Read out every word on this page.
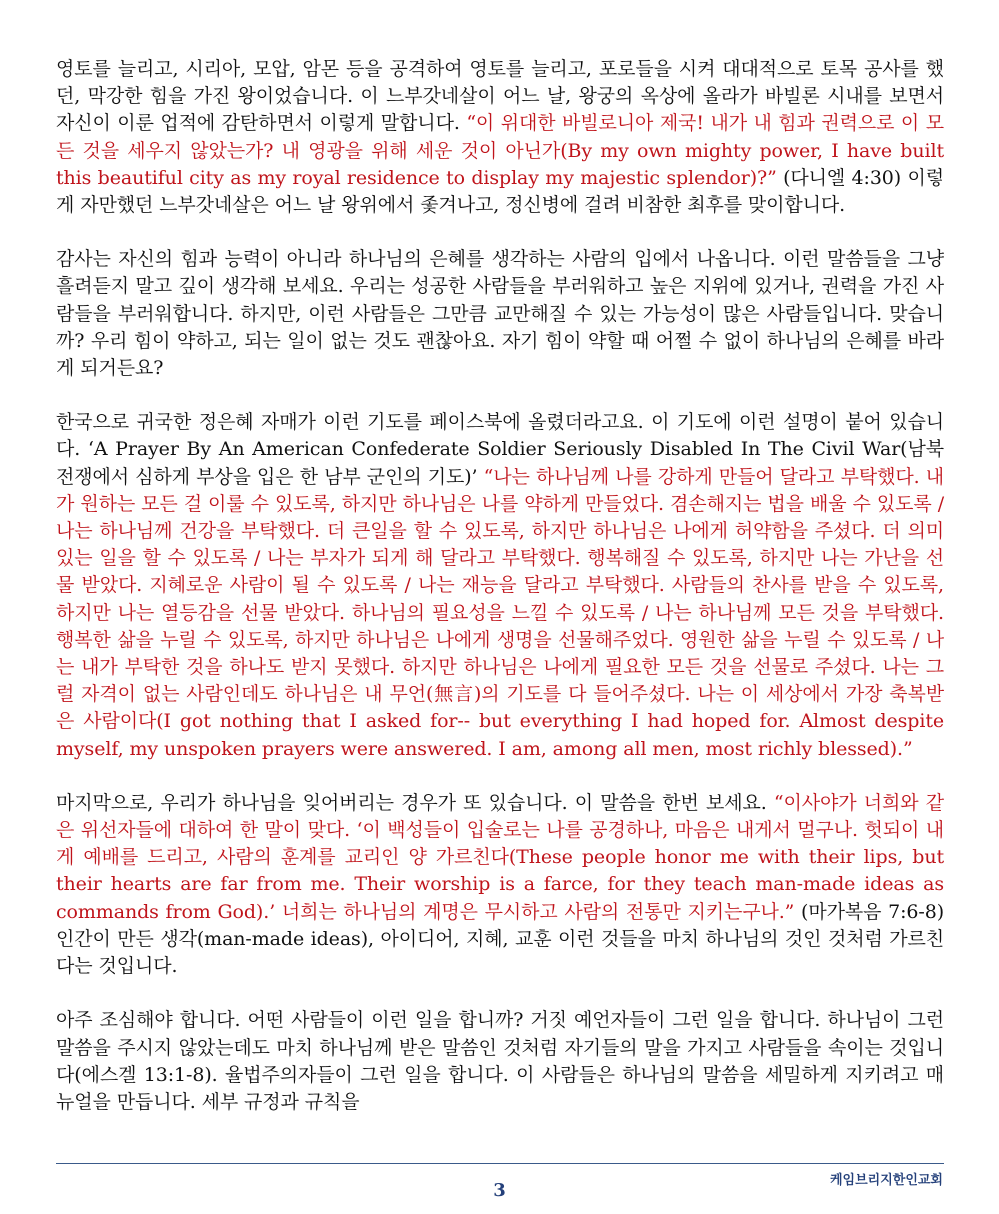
영토를 늘리고, 시리아, 모압, 암몬 등을 공격하여 영토를 늘리고, 포로들을 시켜 대대적으로 토목 공사를 했던, 막강한 힘을 가진 왕이었습니다. 이 느부갓네살이 어느 날, 왕궁의 옥상에 올라가 바빌론 시내를 보면서 자신이 이룬 업적에 감탄하면서 이렇게 말합니다. “이 위대한 바빌로니아 제국! 내가 내 힘과 권력으로 이 모든 것을 세우지 않았는가? 내 영광을 위해 세운 것이 아닌가(By my own mighty power, I have built this beautiful city as my royal residence to display my majestic splendor)?” (다니엘 4:30) 이렇게 자만했던 느부갓네살은 어느 날 왕위에서 좇겨나고, 정신병에 걸려 비참한 최후를 맞이합니다.

감사는 자신의 힘과 능력이 아니라 하나님의 은혜를 생각하는 사람의 입에서 나옵니다. 이런 말씀들을 그냥 흘려듣지 말고 깊이 생각해 보세요. 우리는 성공한 사람들을 부러워하고 높은 지위에 있거나, 권력을 가진 사람들을 부러워합니다. 하지만, 이런 사람들은 그만큼 교만해질 수 있는 가능성이 많은 사람들입니다. 맞습니까? 우리 힘이 약하고, 되는 일이 없는 것도 괜찮아요. 자기 힘이 약할 때 어쩔 수 없이 하나님의 은혜를 바라게 되거든요?

한국으로 귀국한 정은혜 자매가 이런 기도를 페이스북에 올렸더라고요. 이 기도에 이런 설명이 붙어 있습니다. ‘A Prayer By An American Confederate Soldier Seriously Disabled In The Civil War(남북 전쟁에서 심하게 부상을 입은 한 남부 군인의 기도)’ “나는 하나님께 나를 강하게 만들어 달라고 부탁했다. 내가 원하는 모든 걸 이룰 수 있도록, 하지만 하나님은 나를 약하게 만들었다. 겸손해지는 법을 배울 수 있도록 / 나는 하나님께 건강을 부탁했다. 더 큰일을 할 수 있도록, 하지만 하나님은 나에게 허약함을 주셨다. 더 의미있는 일을 할 수 있도록 / 나는 부자가 되게 해 달라고 부탁했다. 행복해질 수 있도록, 하지만 나는 가난을 선물 받았다. 지혜로운 사람이 될 수 있도록 / 나는 재능을 달라고 부탁했다. 사람들의 찬사를 받을 수 있도록, 하지만 나는 열등감을 선물 받았다. 하나님의 필요성을 느낄 수 있도록 / 나는 하나님께 모든 것을 부탁했다. 행복한 삶을 누릴 수 있도록, 하지만 하나님은 나에게 생명을 선물해주었다. 영원한 삶을 누릴 수 있도록 / 나는 내가 부탁한 것을 하나도 받지 못했다. 하지만 하나님은 나에게 필요한 모든 것을 선물로 주셨다. 나는 그럴 자격이 없는 사람인데도 하나님은 내 무언(無言)의 기도를 다 들어주셨다. 나는 이 세상에서 가장 축복받은 사람이다(I got nothing that I asked for-- but everything I had hoped for. Almost despite myself, my unspoken prayers were answered. I am, among all men, most richly blessed).”

마지막으로, 우리가 하나님을 잊어버리는 경우가 또 있습니다. 이 말씀을 한번 보세요. “이사야가 너희와 같은 위선자들에 대하여 한 말이 맞다. ‘이 백성들이 입술로는 나를 공경하나, 마음은 내게서 멀구나. 헛되이 내게 예배를 드리고, 사람의 훈계를 교리인 양 가르친다(These people honor me with their lips, but their hearts are far from me. Their worship is a farce, for they teach man-made ideas as commands from God).’ 너희는 하나님의 계명은 무시하고 사람의 전통만 지키는구나.” (마가복음 7:6-8) 인간이 만든 생각(man-made ideas), 아이디어, 지혜, 교훈 이런 것들을 마치 하나님의 것인 것처럼 가르친다는 것입니다.

아주 조심해야 합니다. 어떤 사람들이 이런 일을 합니까? 거짓 예언자들이 그런 일을 합니다. 하나님이 그런 말씀을 주시지 않았는데도 마치 하나님께 받은 말씀인 것처럼 자기들의 말을 가지고 사람들을 속이는 것입니다(에스겔 13:1-8). 율법주의자들이 그런 일을 합니다. 이 사람들은 하나님의 말씀을 세밀하게 지키려고 매뉴얼을 만듭니다. 세부 규정과 규칙을

케임브리지한인교회
3
